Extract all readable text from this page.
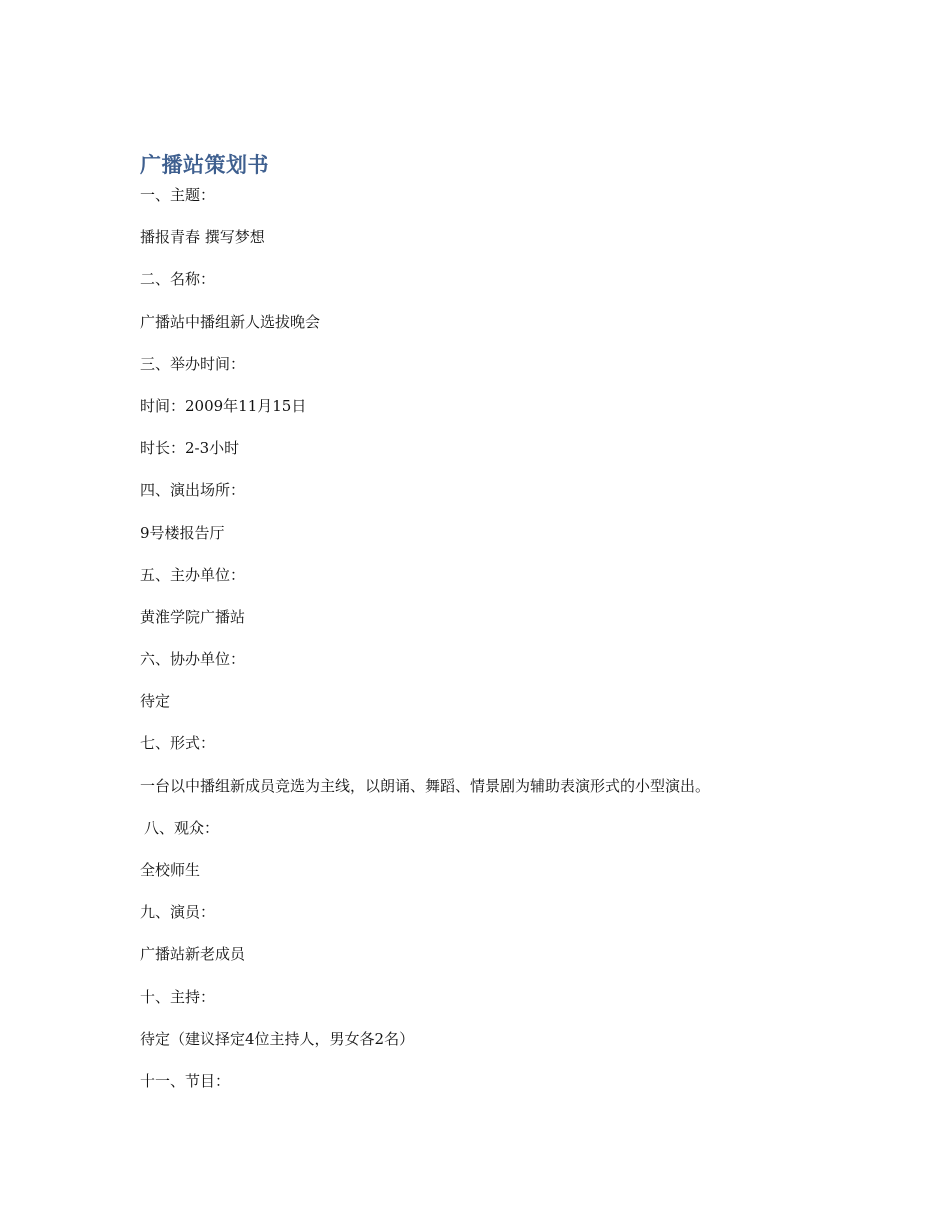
广播站策划书

一、主题：

播报青春 撰写梦想

二、名称：

广播站中播组新人选拔晚会

三、举办时间：

时间：2009年11月15日

时长：2-3小时

四、演出场所：

9号楼报告厅

五、主办单位：

黄淮学院广播站

六、协办单位：

待定

七、形式：

一台以中播组新成员竞选为主线，以朗诵、舞蹈、情景剧为辅助表演形式的小型演出。

八、观众：

全校师生

九、演员：

广播站新老成员

十、主持：

待定（建议择定4位主持人，男女各2名）

十一、节目：
